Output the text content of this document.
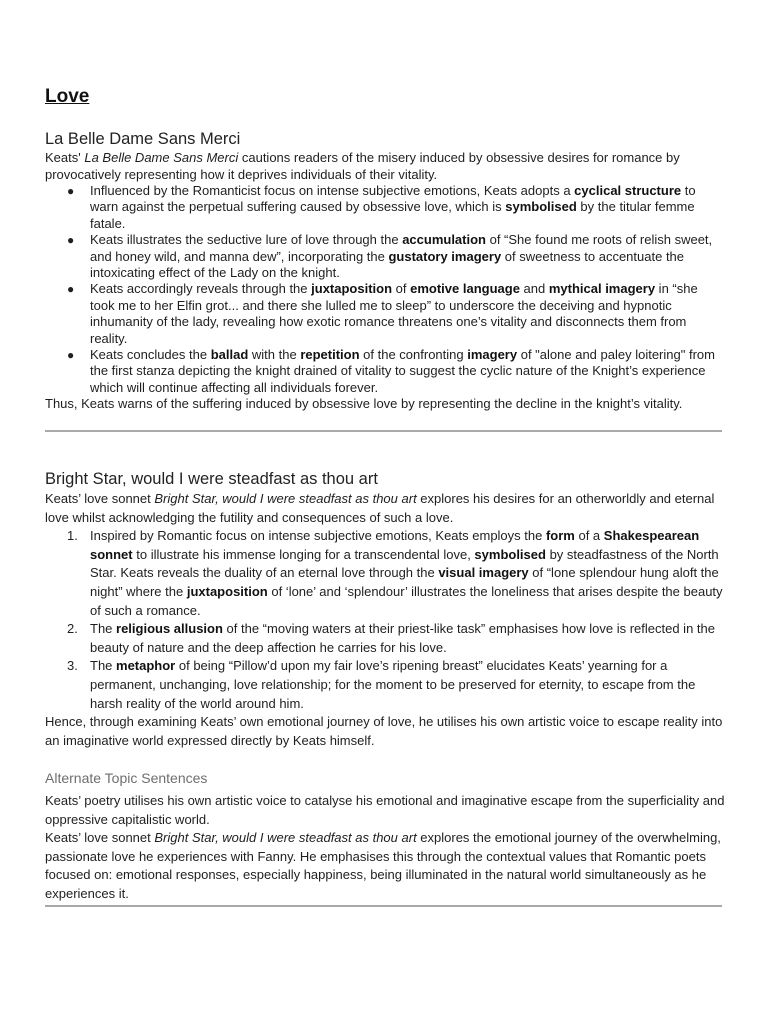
Love
La Belle Dame Sans Merci

Keats' La Belle Dame Sans Merci cautions readers of the misery induced by obsessive desires for romance by provocatively representing how it deprives individuals of their vitality.

● Influenced by the Romanticist focus on intense subjective emotions, Keats adopts a cyclical structure to warn against the perpetual suffering caused by obsessive love, which is symbolised by the titular femme fatale.
● Keats illustrates the seductive lure of love through the accumulation of “She found me roots of relish sweet, and honey wild, and manna dew”, incorporating the gustatory imagery of sweetness to accentuate the intoxicating effect of the Lady on the knight.
● Keats accordingly reveals through the juxtaposition of emotive language and mythical imagery in “she took me to her Elfin grot... and there she lulled me to sleep” to underscore the deceiving and hypnotic inhumanity of the lady, revealing how exotic romance threatens one’s vitality and disconnects them from reality.
● Keats concludes the ballad with the repetition of the confronting imagery of "alone and paley loitering" from the first stanza depicting the knight drained of vitality to suggest the cyclic nature of the Knight’s experience which will continue affecting all individuals forever.

Thus, Keats warns of the suffering induced by obsessive love by representing the decline in the knight’s vitality.

Bright Star, would I were steadfast as thou art

Keats’ love sonnet Bright Star, would I were steadfast as thou art explores his desires for an otherworldly and eternal love whilst acknowledging the futility and consequences of such a love.

1. Inspired by Romantic focus on intense subjective emotions, Keats employs the form of a Shakespearean sonnet to illustrate his immense longing for a transcendental love, symbolised by steadfastness of the North Star. Keats reveals the duality of an eternal love through the visual imagery of “lone splendour hung aloft the night” where the juxtaposition of ‘lone’ and ‘splendour’ illustrates the loneliness that arises despite the beauty of such a romance.
2. The religious allusion of the “moving waters at their priest-like task” emphasises how love is reflected in the beauty of nature and the deep affection he carries for his love.
3. The metaphor of being “Pillow’d upon my fair love’s ripening breast” elucidates Keats’ yearning for a permanent, unchanging, love relationship; for the moment to be preserved for eternity, to escape from the harsh reality of the world around him.

Hence, through examining Keats’ own emotional journey of love, he utilises his own artistic voice to escape reality into an imaginative world expressed directly by Keats himself.

Alternate Topic Sentences

Keats’ poetry utilises his own artistic voice to catalyse his emotional and imaginative escape from the superficiality and oppressive capitalistic world.

Keats’ love sonnet Bright Star, would I were steadfast as thou art explores the emotional journey of the overwhelming, passionate love he experiences with Fanny. He emphasises this through the contextual values that Romantic poets focused on: emotional responses, especially happiness, being illuminated in the natural world simultaneously as he experiences it.
